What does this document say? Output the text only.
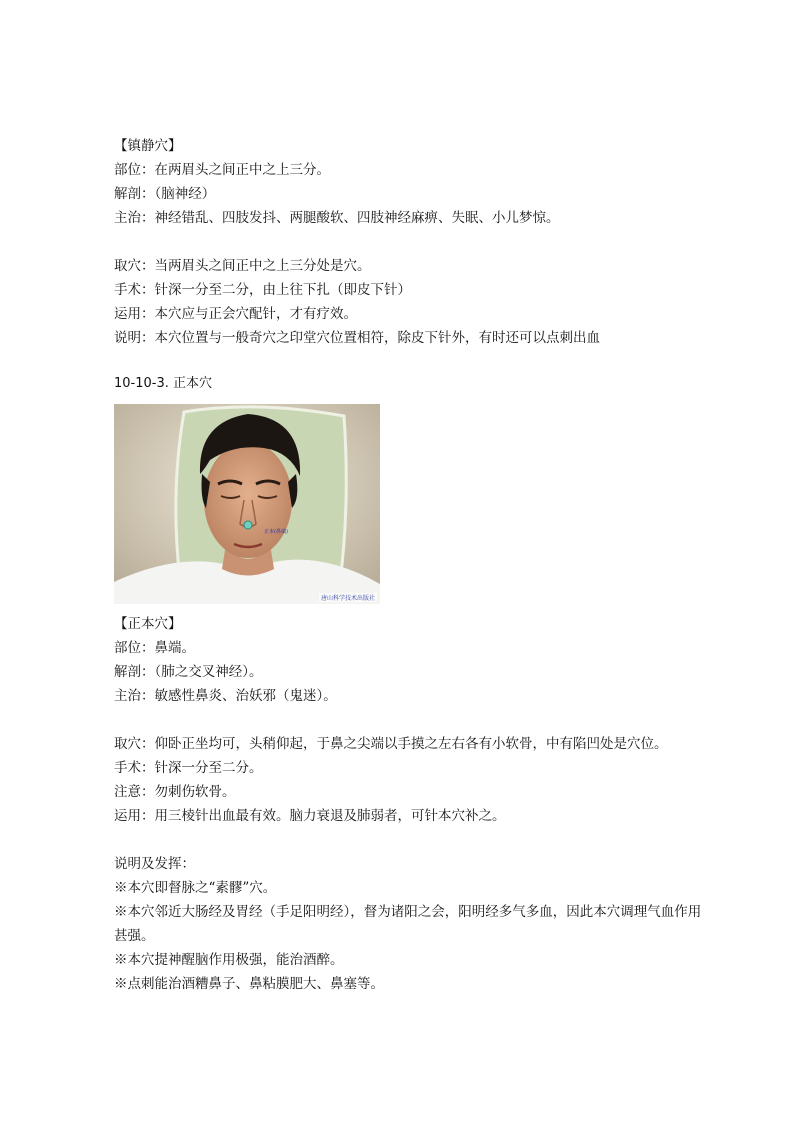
【镇静穴】
部位：在两眉头之间正中之上三分。
解剖：（脑神经）
主治：神经错乱、四肢发抖、两腿酸软、四肢神经麻痹、失眠、小儿梦惊。
取穴：当两眉头之间正中之上三分处是穴。
手术：针深一分至二分，由上往下扎（即皮下针）
运用：本穴应与正会穴配针，才有疗效。
说明：本穴位置与一般奇穴之印堂穴位置相符，除皮下针外，有时还可以点刺出血
10-10-3. 正本穴
【正本穴】
部位：鼻端。
解剖：（肺之交叉神经）。
主治：敏感性鼻炎、治妖邪（鬼迷）。
取穴：仰卧正坐均可，头稍仰起，于鼻之尖端以手摸之左右各有小软骨，中有陷凹处是穴位。
手术：针深一分至二分。
注意：勿刺伤软骨。
运用：用三棱针出血最有效。脑力衰退及肺弱者，可针本穴补之。
说明及发挥：
※本穴即督脉之“素髎”穴。
※本穴邻近大肠经及胃经（手足阳明经），督为诸阳之会，阳明经多气多血，因此本穴调理气血作用甚强。
※本穴提神醒脑作用极强，能治酒醉。
※点刺能治酒糟鼻子、鼻粘膜肥大、鼻塞等。
正本(鼻端)
唐山科学技术出版社
